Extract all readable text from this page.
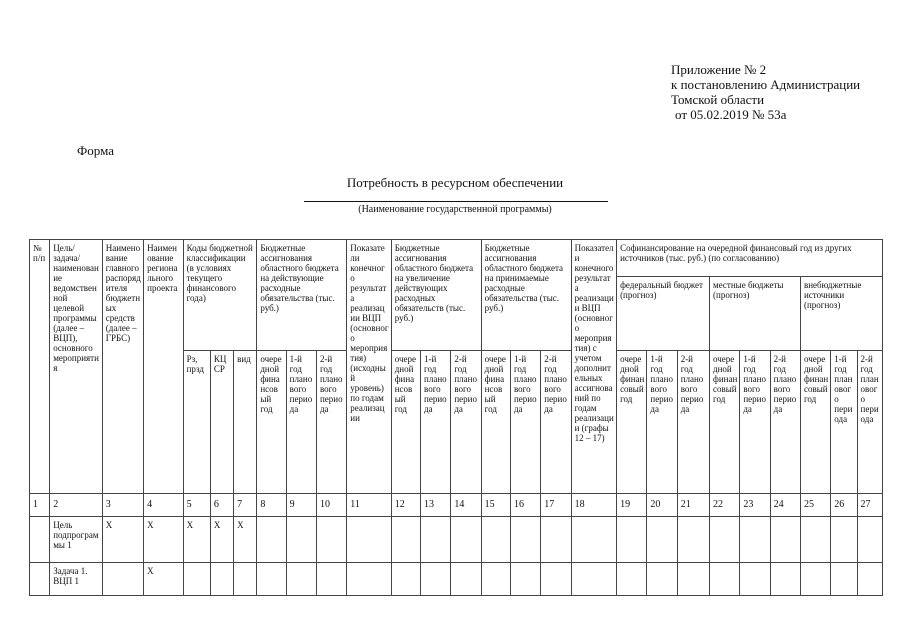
Приложение № 2
к постановлению Администрации
Томской области
от 05.02.2019 № 53а
Форма
Потребность в ресурсном обеспечении
(Наименование государственной программы)
№ п/п	Цель/задача/наименование ведомственной целевой программы (далее – ВЦП), основного мероприятия	Наименование главного распорядителя бюджетных средств (далее – ГРБС)	Наименование регионального проекта	Коды бюджетной классификации (в условиях текущего финансового года)			Бюджетные ассигнования областного бюджета на действующие расходные обязательства (тыс. руб.)			Показатели конечного результата реализации ВЦП (основного мероприятия) (исходный уровень) по годам реализации	Бюджетные ассигнования областного бюджета на увеличение действующих расходных обязательств (тыс. руб.)			Бюджетные ассигнования областного бюджета на принимаемые расходные обязательства (тыс. руб.)			Показатели конечного результата реализации ВЦП (основного мероприятия) с учетом дополнительных ассигнований по годам реализации (графы 12 – 17)	Софинансирование на очередной финансовый год из других источников (тыс. руб.) (по согласованию)								
																		федеральный бюджет (прогноз)			местные бюджеты (прогноз)			внебюджетные источники (прогноз)		
				Рз, прзд	КЦСР	вид	очередной финансовый год	1-й год планового периода	2-й год планового периода		очередной финансовый год	1-й год планового периода	2-й год планового периода	очередной финансовый год	1-й год планового периода	2-й год планового периода		очередной финансовый год	1-й год планового периода	2-й год планового периода	очередной финансовый год	1-й год планового периода	2-й год планового периода	очередной финансовый год	1-й год планового периода	2-й год планового периода
1	2	3	4	5	6	7	8	9	10	11	12	13	14	15	16	17	18	19	20	21	22	23	24	25	26	27
	Цель подпрограммы 1	Х	Х	Х	Х	Х																				
	Задача 1. ВЦП 1		Х																							
